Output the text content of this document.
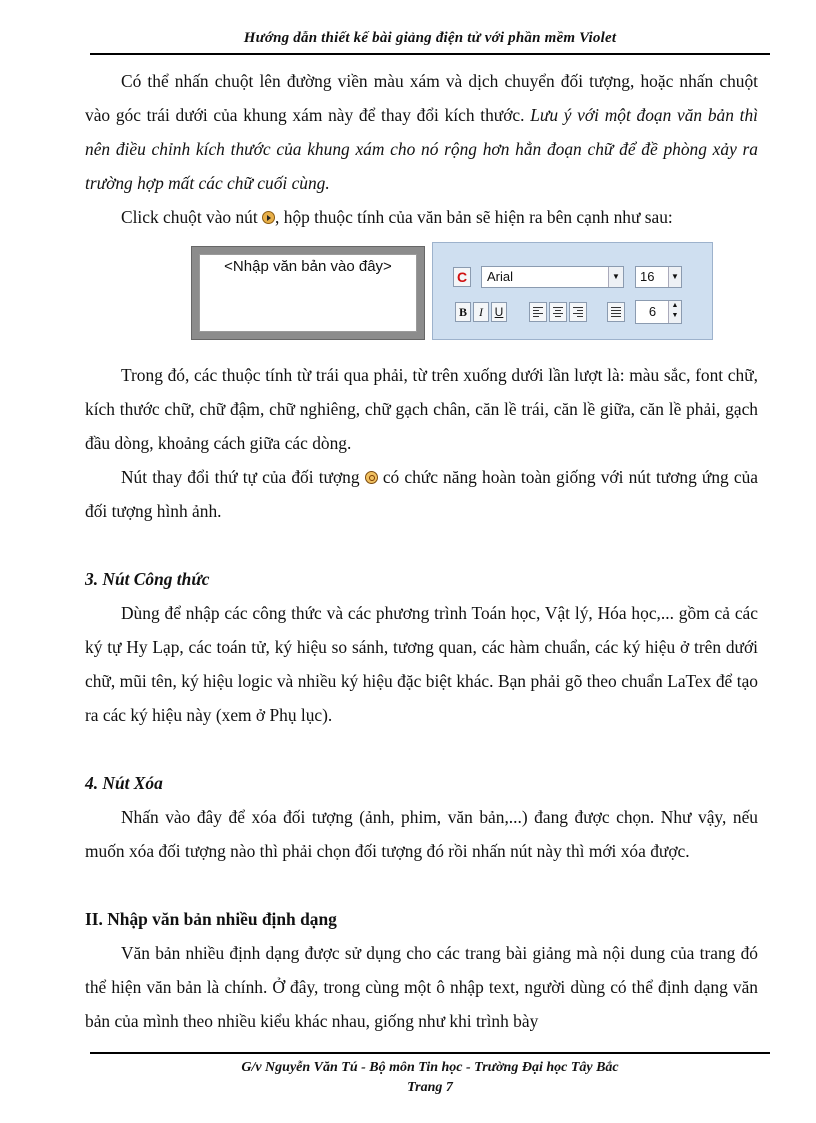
Hướng dẫn thiết kế bài giảng điện tử với phần mềm Violet

Có thể nhấn chuột lên đường viền màu xám và dịch chuyển đối tượng, hoặc nhấn chuột vào góc trái dưới của khung xám này để thay đổi kích thước. Lưu ý với một đoạn văn bản thì nên điều chỉnh kích thước của khung xám cho nó rộng hơn hẳn đoạn chữ để đề phòng xảy ra trường hợp mất các chữ cuối cùng.

Click chuột vào nút , hộp thuộc tính của văn bản sẽ hiện ra bên cạnh như sau:

<Nhập văn bản vào đây>
C	Arial	▼	16	▼
B	I U	6	▲
▼

Trong đó, các thuộc tính từ trái qua phải, từ trên xuống dưới lần lượt là: màu sắc, font chữ, kích thước chữ, chữ đậm, chữ nghiêng, chữ gạch chân, căn lề trái, căn lề giữa, căn lề phải, gạch đầu dòng, khoảng cách giữa các dòng.

Nút thay đổi thứ tự của đối tượng  có chức năng hoàn toàn giống với nút tương ứng của đối tượng hình ảnh.

3. Nút Công thức

Dùng để nhập các công thức và các phương trình Toán học, Vật lý, Hóa học,... gồm cả các ký tự Hy Lạp, các toán tử, ký hiệu so sánh, tương quan, các hàm chuẩn, các ký hiệu ở trên dưới chữ, mũi tên, ký hiệu logic và nhiều ký hiệu đặc biệt khác. Bạn phải gõ theo chuẩn LaTex để tạo ra các ký hiệu này (xem ở Phụ lục).

4. Nút Xóa

Nhấn vào đây để xóa đối tượng (ảnh, phim, văn bản,...) đang được chọn. Như vậy, nếu muốn xóa đối tượng nào thì phải chọn đối tượng đó rồi nhấn nút này thì mới xóa được.

II. Nhập văn bản nhiều định dạng

Văn bản nhiều định dạng được sử dụng cho các trang bài giảng mà nội dung của trang đó thể hiện văn bản là chính. Ở đây, trong cùng một ô nhập text, người dùng có thể định dạng văn bản của mình theo nhiều kiểu khác nhau, giống như khi trình bày

G/v Nguyễn Văn Tú - Bộ môn Tin học - Trường Đại học Tây Bắc
Trang 7
